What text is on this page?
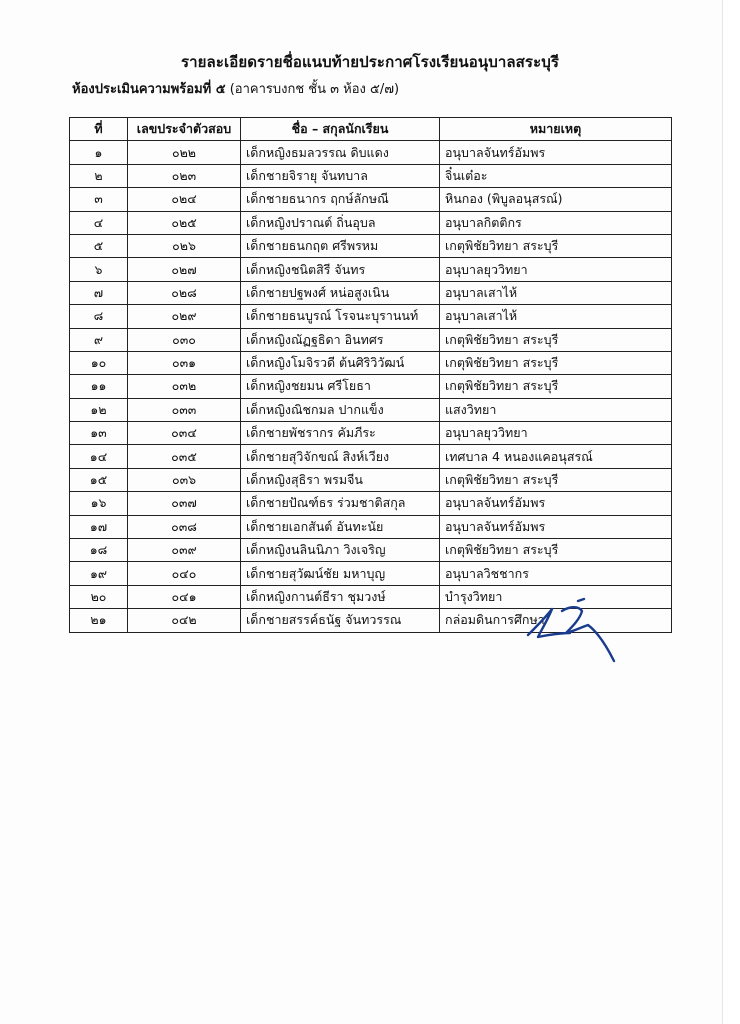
รายละเอียดรายชื่อแนบท้ายประกาศโรงเรียนอนุบาลสระบุรี
ห้องประเมินความพร้อมที่ ๕ (อาคารบงกช ชั้น ๓ ห้อง ๕/๗)
ที่	เลขประจำตัวสอบ	ชื่อ – สกุลนักเรียน	หมายเหตุ
๑	๐๒๒	เด็กหญิงธมลวรรณ ดิบแดง	อนุบาลจันทร์อัมพร
๒	๐๒๓	เด็กชายจิรายุ จันทบาล	จิ๋นเต๋อะ
๓	๐๒๔	เด็กชายธนากร ฤกษ์ลักษณี	หินกอง (พิบูลอนุสรณ์)
๔	๐๒๕	เด็กหญิงปราณต์ ถิ่นอุบล	อนุบาลกิตติกร
๕	๐๒๖	เด็กชายธนกฤต ศรีพรหม	เกตุพิชัยวิทยา สระบุรี
๖	๐๒๗	เด็กหญิงชนิตสิรี จันทร	อนุบาลยุววิทยา
๗	๐๒๘	เด็กชายปฐพงศ์ หน่อสูงเนิน	อนุบาลเสาไห้
๘	๐๒๙	เด็กชายธนบูรณ์ โรจนะบุรานนท์	อนุบาลเสาไห้
๙	๐๓๐	เด็กหญิงณัฏฐธิดา อินทศร	เกตุพิชัยวิทยา สระบุรี
๑๐	๐๓๑	เด็กหญิงโมจิรวดี ต้นศิริวิวัฒน์	เกตุพิชัยวิทยา สระบุรี
๑๑	๐๓๒	เด็กหญิงชยมน ศรีโยธา	เกตุพิชัยวิทยา สระบุรี
๑๒	๐๓๓	เด็กหญิงณิชกมล ปากแข็ง	แสงวิทยา
๑๓	๐๓๔	เด็กชายพัชรากร คัมภีระ	อนุบาลยุววิทยา
๑๔	๐๓๕	เด็กชายสุวิจักขณ์ สิงห์เวียง	เทศบาล 4 หนองแคอนุสรณ์
๑๕	๐๓๖	เด็กหญิงสุธิรา พรมจีน	เกตุพิชัยวิทยา สระบุรี
๑๖	๐๓๗	เด็กชายปัณฑ์ธร ร่วมชาติสกุล	อนุบาลจันทร์อัมพร
๑๗	๐๓๘	เด็กชายเอกสันต์ อันทะนัย	อนุบาลจันทร์อัมพร
๑๘	๐๓๙	เด็กหญิงนลินนิภา วิงเจริญ	เกตุพิชัยวิทยา สระบุรี
๑๙	๐๔๐	เด็กชายสุวัฒน์ชัย มหาบุญ	อนุบาลวิชชากร
๒๐	๐๔๑	เด็กหญิงกานต์ธีรา ชุมวงษ์	บำรุงวิทยา
๒๑	๐๔๒	เด็กชายสรรค์ธนัฐ จันทวรรณ	กล่อมดินการศึกษา
